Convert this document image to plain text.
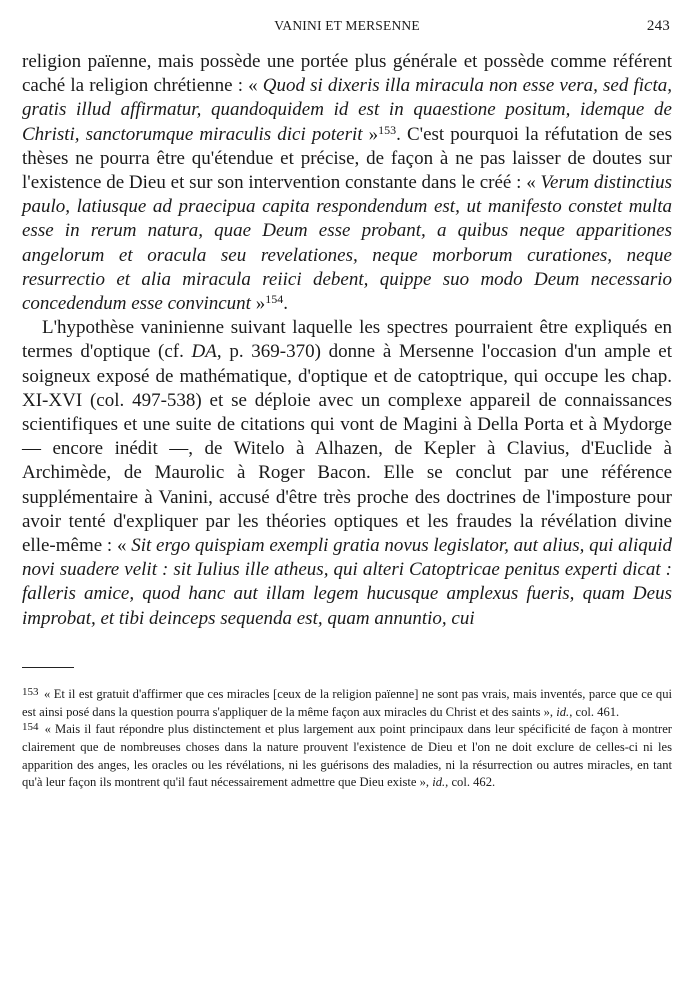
VANINI ET MERSENNE	243

religion païenne, mais possède une portée plus générale et possède comme référent caché la religion chrétienne : « Quod si dixeris illa miracula non esse vera, sed ficta, gratis illud affirmatur, quandoquidem id est in quaestione positum, idemque de Christi, sanctorumque miraculis dici poterit »$^{153}$. C'est pourquoi la réfutation de ses thèses ne pourra être qu'étendue et précise, de façon à ne pas laisser de doutes sur l'existence de Dieu et sur son intervention constante dans le créé : « Verum distinctius paulo, latiusque ad praecipua capita respondendum est, ut manifesto constet multa esse in rerum natura, quae Deum esse probant, a quibus neque apparitiones angelorum et oracula seu revelationes, neque morborum curationes, neque resurrectio et alia miracula reiici debent, quippe suo modo Deum necessario concedendum esse convincunt »$^{154}$.

L'hypothèse vaninienne suivant laquelle les spectres pourraient être expliqués en termes d'optique (cf. DA, p. 369-370) donne à Mersenne l'occasion d'un ample et soigneux exposé de mathématique, d'optique et de catoptrique, qui occupe les chap. XI-XVI (col. 497-538) et se déploie avec un complexe appareil de connaissances scientifiques et une suite de citations qui vont de Magini à Della Porta et à Mydorge — encore inédit —, de Witelo à Alhazen, de Kepler à Clavius, d'Euclide à Archimède, de Maurolic à Roger Bacon. Elle se conclut par une référence supplémentaire à Vanini, accusé d'être très proche des doctrines de l'imposture pour avoir tenté d'expliquer par les théories optiques et les fraudes la révélation divine elle-même : « Sit ergo quispiam exempli gratia novus legislator, aut alius, qui aliquid novi suadere velit : sit Iulius ille atheus, qui alteri Catoptricae penitus experti dicat : falleris amice, quod hanc aut illam legem hucusque amplexus fueris, quam Deus improbat, et tibi deinceps sequenda est, quam annuntio, cui

153 « Et il est gratuit d'affirmer que ces miracles [ceux de la religion païenne] ne sont pas vrais, mais inventés, parce que ce qui est ainsi posé dans la question pourra s'appliquer de la même façon aux miracles du Christ et des saints », id., col. 461.

154 « Mais il faut répondre plus distinctement et plus largement aux point principaux dans leur spécificité de façon à montrer clairement que de nombreuses choses dans la nature prouvent l'existence de Dieu et l'on ne doit exclure de celles-ci ni les apparition des anges, les oracles ou les révélations, ni les guérisons des maladies, ni la résurrection ou autres miracles, en tant qu'à leur façon ils montrent qu'il faut nécessairement admettre que Dieu existe », id., col. 462.
